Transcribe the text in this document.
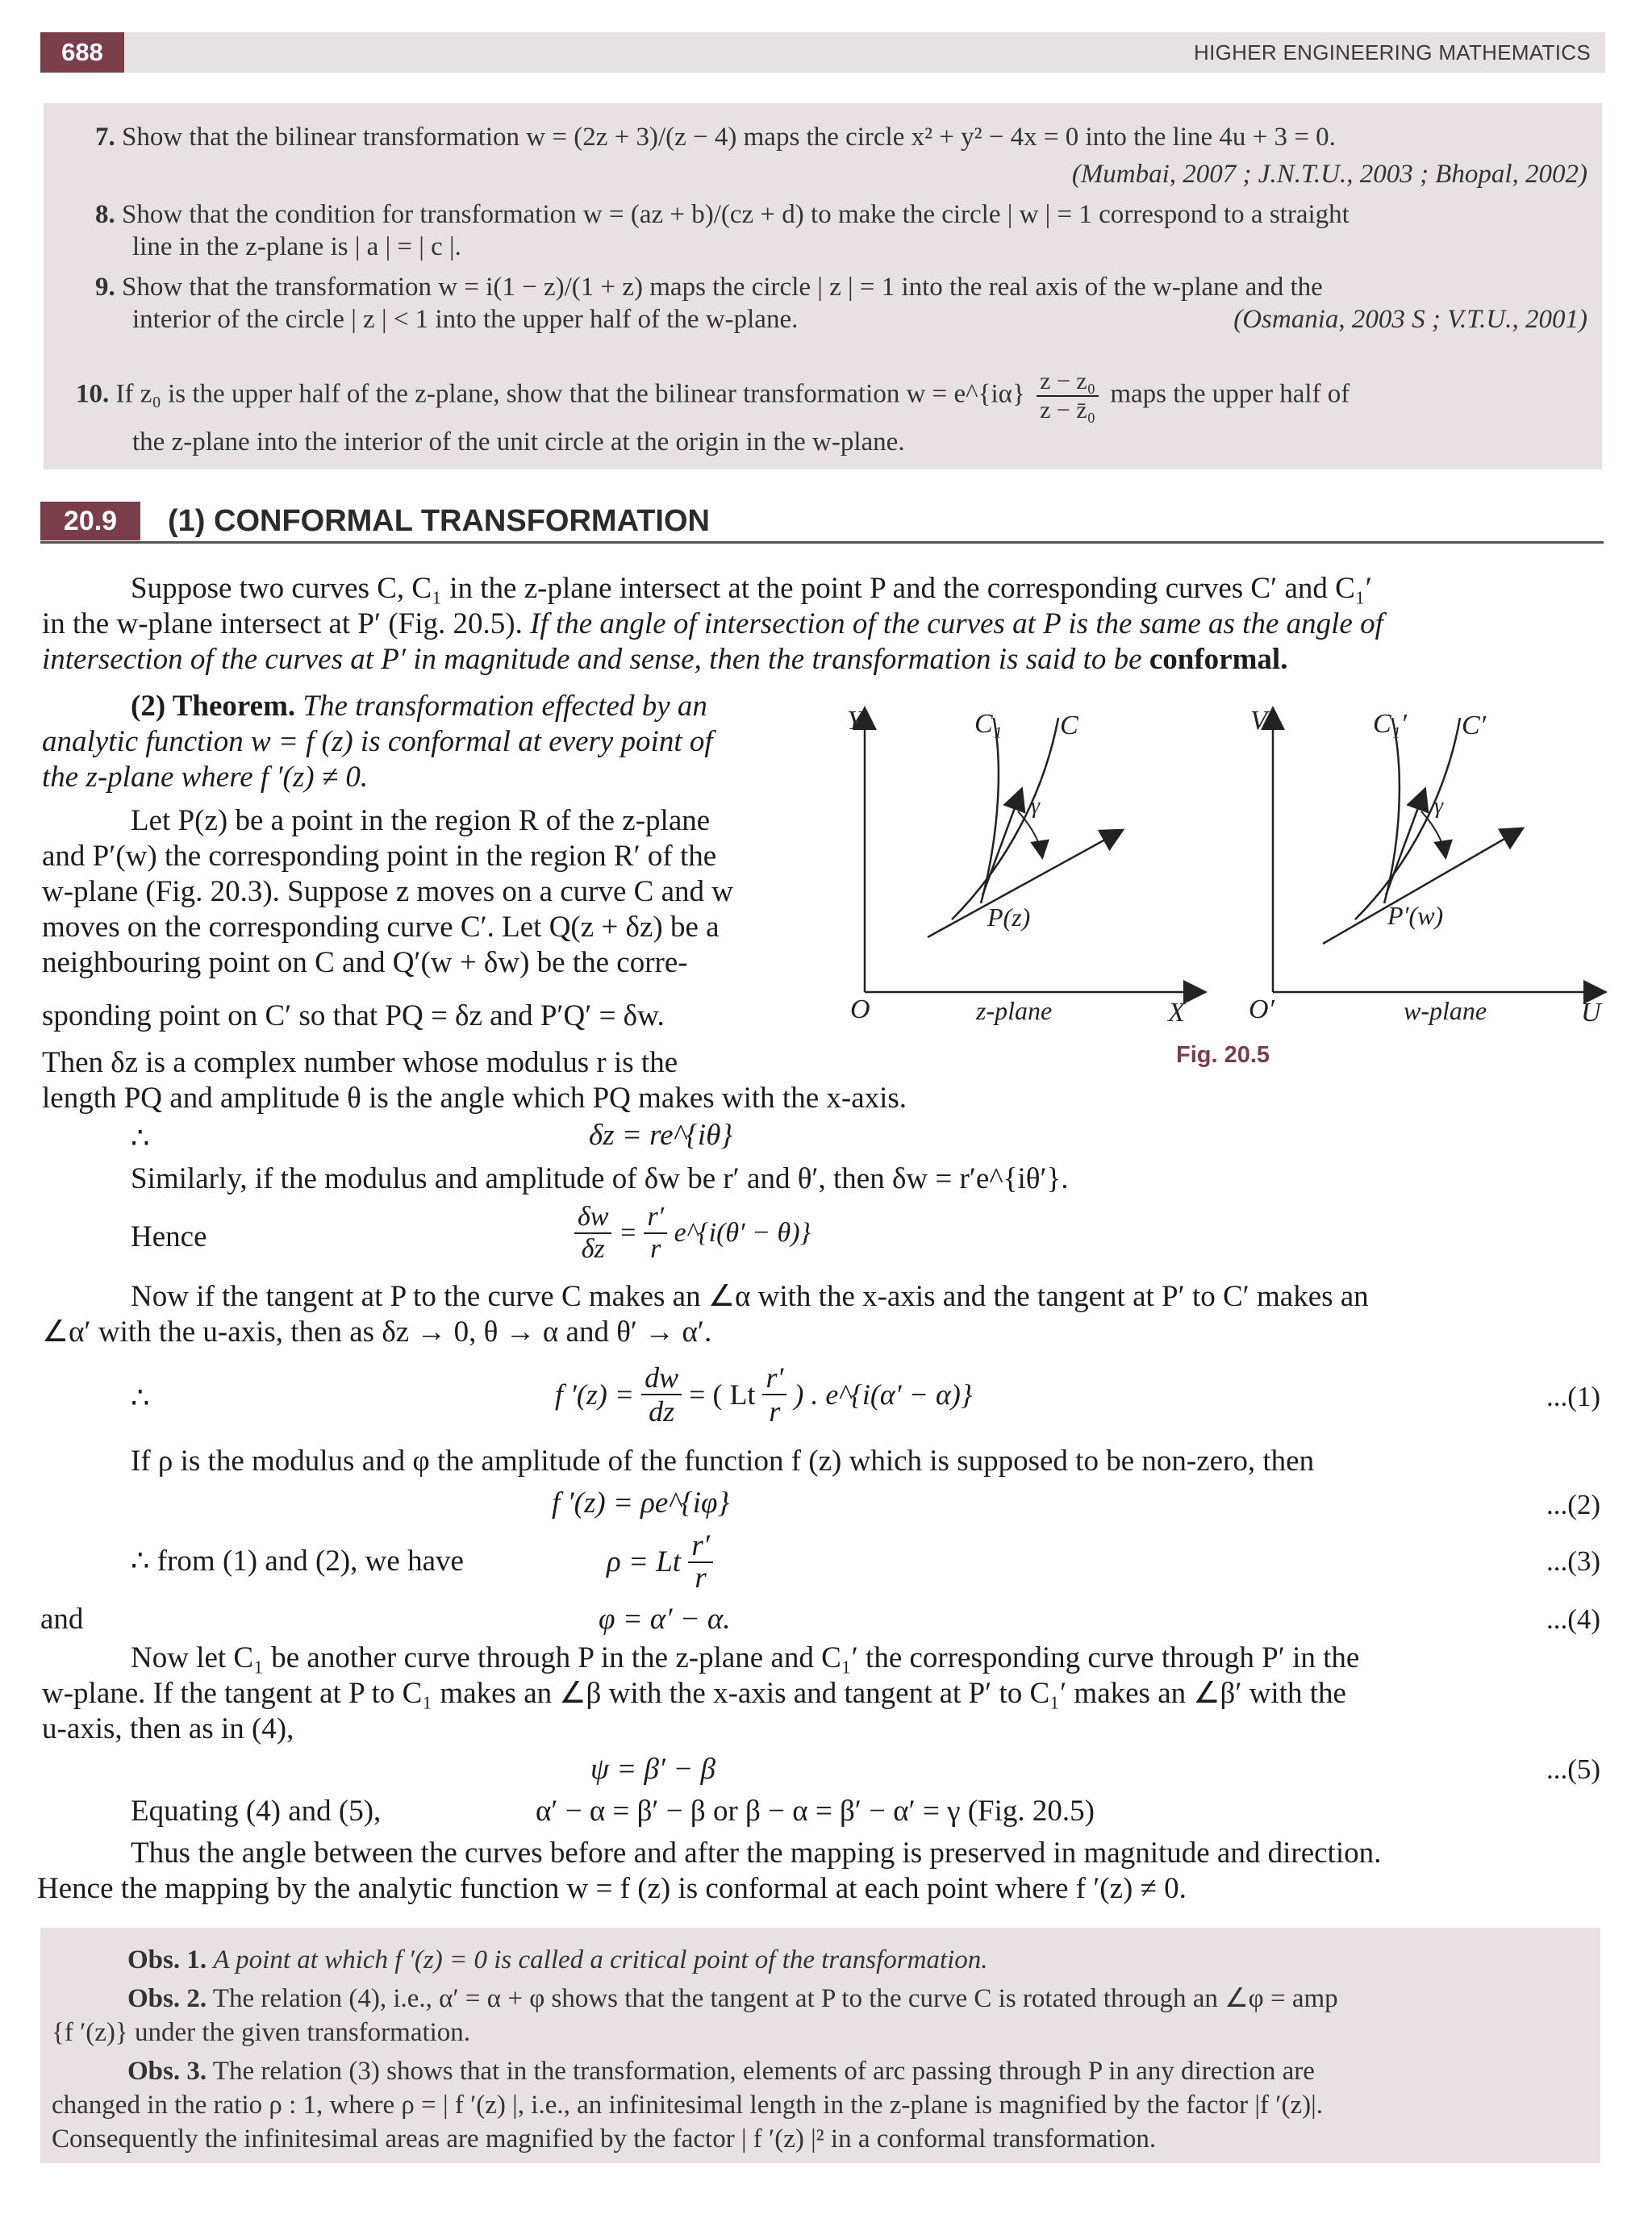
688	HIGHER ENGINEERING MATHEMATICS
7. Show that the bilinear transformation w = (2z + 3)/(z − 4) maps the circle x² + y² − 4x = 0 into the line 4u + 3 = 0.
(Mumbai, 2007 ; J.N.T.U., 2003 ; Bhopal, 2002)
8. Show that the condition for transformation w = (az + b)/(cz + d) to make the circle | w | = 1 correspond to a straight
line in the z-plane is | a | = | c |.
9. Show that the transformation w = i(1 − z)/(1 + z) maps the circle | z | = 1 into the real axis of the w-plane and the
interior of the circle | z | < 1 into the upper half of the w-plane.	(Osmania, 2003 S ; V.T.U., 2001)
10. If z₀ is the upper half of the z-plane, show that the bilinear transformation w = e^{iα} $\frac{\text{z − z₀}}{\text{z − z̄₀}}$ maps the upper half of
the z-plane into the interior of the unit circle at the origin in the w-plane.
20.9	(1) CONFORMAL TRANSFORMATION
Suppose two curves C, C₁ in the z-plane intersect at the point P and the corresponding curves C′ and C₁′
in the w-plane intersect at P′ (Fig. 20.5). If the angle of intersection of the curves at P is the same as the angle of
intersection of the curves at P′ in magnitude and sense, then the transformation is said to be conformal.
(2) Theorem. The transformation effected by an
analytic function w = f (z) is conformal at every point of
the z-plane where f ′(z) ≠ 0.
Let P(z) be a point in the region R of the z-plane
and P′(w) the corresponding point in the region R′ of the
w-plane (Fig. 20.3). Suppose z moves on a curve C and w
moves on the corresponding curve C′. Let Q(z + δz) be a
neighbouring point on C and Q′(w + δw) be the corre-
sponding point on C′ so that PQ = δz and P′Q′ = δw.
Then δz is a complex number whose modulus r is the
length PQ and amplitude θ is the angle which PQ makes with the x-axis.
∴	δz = re^{iθ}
Similarly, if the modulus and amplitude of δw be r′ and θ′, then δw = r′e^{iθ′}.
Hence	$\frac{\delta w}{\delta z} = \frac{r'}{r}$ e^{i(θ′ − θ)}
Now if the tangent at P to the curve C makes an ∠α with the x-axis and the tangent at P′ to C′ makes an
∠α′ with the u-axis, then as δz → 0, θ → α and θ′ → α′.
∴	f $'(z) = \frac{dw}{dz}$ = ( Lt $\frac{r'}{r}$ ) . e^{i(α′ − α)}	...(1)
If ρ is the modulus and φ the amplitude of the function f (z) which is supposed to be non-zero, then
f ′(z) = ρe^{iφ}	...(2)
∴ from (1) and (2), we have	ρ = Lt $\frac{r'}{r}$	...(3)
and	φ = α′ − α.	...(4)
Now let C₁ be another curve through P in the z-plane and C₁′ the corresponding curve through P′ in the
w-plane. If the tangent at P to C₁ makes an ∠β with the x-axis and tangent at P′ to C₁′ makes an ∠β′ with the
u-axis, then as in (4),
ψ = β′ − β	...(5)
Equating (4) and (5),	α′ − α = β′ − β or β − α = β′ − α′ = γ (Fig. 20.5)
Thus the angle between the curves before and after the mapping is preserved in magnitude and direction.
Hence the mapping by the analytic function w = f (z) is conformal at each point where f ′(z) ≠ 0.
Y	C₁ C
γ
P(z)
O	z-plane	X
V	C₁′ C′
γ
P′(w)
O′	w-plane	U
Fig. 20.5
Obs. 1. A point at which f ′(z) = 0 is called a critical point of the transformation.
Obs. 2. The relation (4), i.e., α′ = α + φ shows that the tangent at P to the curve C is rotated through an ∠φ = amp
{f ′(z)} under the given transformation.
Obs. 3. The relation (3) shows that in the transformation, elements of arc passing through P in any direction are
changed in the ratio ρ : 1, where ρ = | f ′(z) |, i.e., an infinitesimal length in the z-plane is magnified by the factor |f ′(z)|.
Consequently the infinitesimal areas are magnified by the factor | f ′(z) |² in a conformal transformation.
